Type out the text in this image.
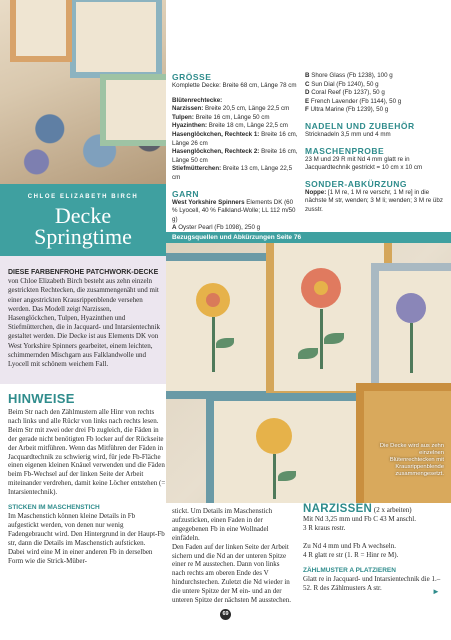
CHLOE ELIZABETH BIRCH
Decke
Springtime

DIESE FARBENFROHE PATCHWORK-DECKE von Chloe Elizabeth Birch besteht aus zehn einzeln gestrickten Rechtecken, die zusammengenäht und mit einer angestrickten Krausrippenblende versehen werden. Das Modell zeigt Narzissen, Hasenglöckchen, Tulpen, Hyazinthen und Stiefmütterchen, die in Jacquard- und Intarsientechnik gestaltet werden. Die Decke ist aus Elements DK von West Yorkshire Spinners gearbeitet, einem leichten, schimmernden Mischgarn aus Falklandwolle und Lyocell mit schönem weichem Fall.

GRÖSSE

Komplette Decke: Breite 68 cm, Länge 78 cm

Blütenrechtecke:

Narzissen: Breite 20,5 cm, Länge 22,5 cm

Tulpen: Breite 16 cm, Länge 50 cm

Hyazinthen: Breite 18 cm, Länge 22,5 cm

Hasenglöckchen, Rechteck 1: Breite 16 cm, Länge 26 cm

Hasenglöckchen, Rechteck 2: Breite 16 cm, Länge 50 cm

Stiefmütterchen: Breite 13 cm, Länge 22,5 cm

GARN

West Yorkshire Spinners Elements DK (60 % Lyocell, 40 % Falkland-Wolle; LL 112 m/50 g)

A Oyster Pearl (Fb 1098), 250 g

B Shore Glass (Fb 1238), 100 g

C Sun Dial (Fb 1240), 50 g

D Coral Reef (Fb 1237), 50 g

E French Lavender (Fb 1144), 50 g

F Ultra Marine (Fb 1239), 50 g

NADELN UND ZUBEHÖR

Stricknadeln 3,5 mm und 4 mm

MASCHENPROBE

23 M und 29 R mit Nd 4 mm glatt re in Jacquardtechnik gestrickt = 10 cm x 10 cm

SONDER-ABKÜRZUNG

Noppe: [1 M re, 1 M re verschr, 1 M re] in die nächste M str, wenden; 3 M li; wenden; 3 M re übz zusstr.

Bezugsquellen und Abkürzungen Seite 76
Die Decke wird aus zehn einzelnen Blütenrechtecken mit Krausrippenblende zusammengesetzt.
HINWEISE

Beim Str nach den Zählmustern alle Hinr von rechts nach links und alle Rückr von links nach rechts lesen.

Beim Str mit zwei oder drei Fb zugleich, die Fäden in der gerade nicht benötigten Fb locker auf der Rückseite der Arbeit mitführen. Wenn das Mitführen der Fäden in Jacquardtechnik zu schwierig wird, für jede Fb-Fläche einen eigenen kleinen Knäuel verwenden und die Fäden beim Fb-Wechsel auf der linken Seite der Arbeit miteinander verdrehen, damit keine Löcher entstehen (= Intarsientechnik).

STICKEN IM MASCHENSTICH

Im Maschenstich können kleine Details in Fb aufgestickt werden, von denen nur wenig Fadengebraucht wird. Den Hintergrund in der Haupt-Fb str, dann die Details im Maschenstich aufsticken.

Dabei wird eine M in einer anderen Fb in derselben Form wie die Strick-Müber-

stickt. Um Details im Maschenstich aufzusticken, einen Faden in der angegebenen Fb in eine Wollnadel einfädeln.

Den Faden auf der linken Seite der Arbeit sichern und die Nd an der unteren Spitze einer re M ausstechen. Dann von links nach rechts am oberen Ende des V hindurchstechen. Zuletzt die Nd wieder in die untere Spitze der M ein- und an der unteren Spitze der nächsten M ausstechen.

NARZISSEN (2 x arbeiten)

Mit Nd 3,25 mm und Fb C 43 M anschl.

3 R kraus restr.

Zu Nd 4 mm und Fb A wechseln.

4 R glatt re str (1. R = Hinr re M).

ZÄHLMUSTER A PLATZIEREN

Glatt re in Jacquard- und Intarsientechnik die 1.–52. R des Zählmusters A str.	►
69
